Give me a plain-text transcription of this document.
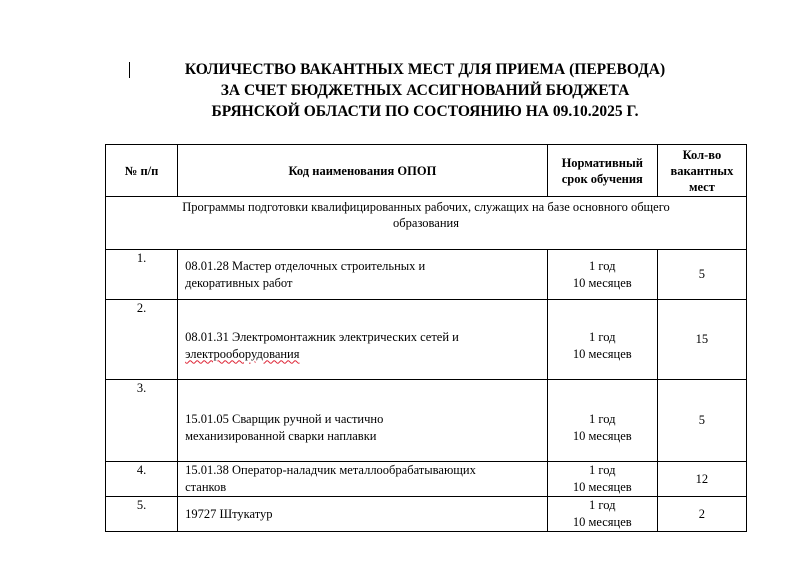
КОЛИЧЕСТВО ВАКАНТНЫХ МЕСТ ДЛЯ ПРИЕМА (ПЕРЕВОДА)
ЗА СЧЕТ БЮДЖЕТНЫХ АССИГНОВАНИЙ БЮДЖЕТА
БРЯНСКОЙ ОБЛАСТИ ПО СОСТОЯНИЮ НА 09.10.2025 Г.
№ п/п	Код наименования ОПОП	Нормативный
срок обучения	Кол-во
вакантных
мест

Программы подготовки квалифицированных рабочих, служащих на базе основного общего
образования			

1.	08.01.28 Мастер отделочных строительных и
декоративных работ	1 год
10 месяцев	5
2.	08.01.31 Электромонтажник электрических сетей и
электрооборудования	1 год
10 месяцев	15
3.	15.01.05 Сварщик ручной и частично
механизированной сварки наплавки	1 год
10 месяцев	5
4.	15.01.38 Оператор-наладчик металлообрабатывающих
станков	1 год
10 месяцев	12
5.	19727 Штукатур	1 год
10 месяцев	2
